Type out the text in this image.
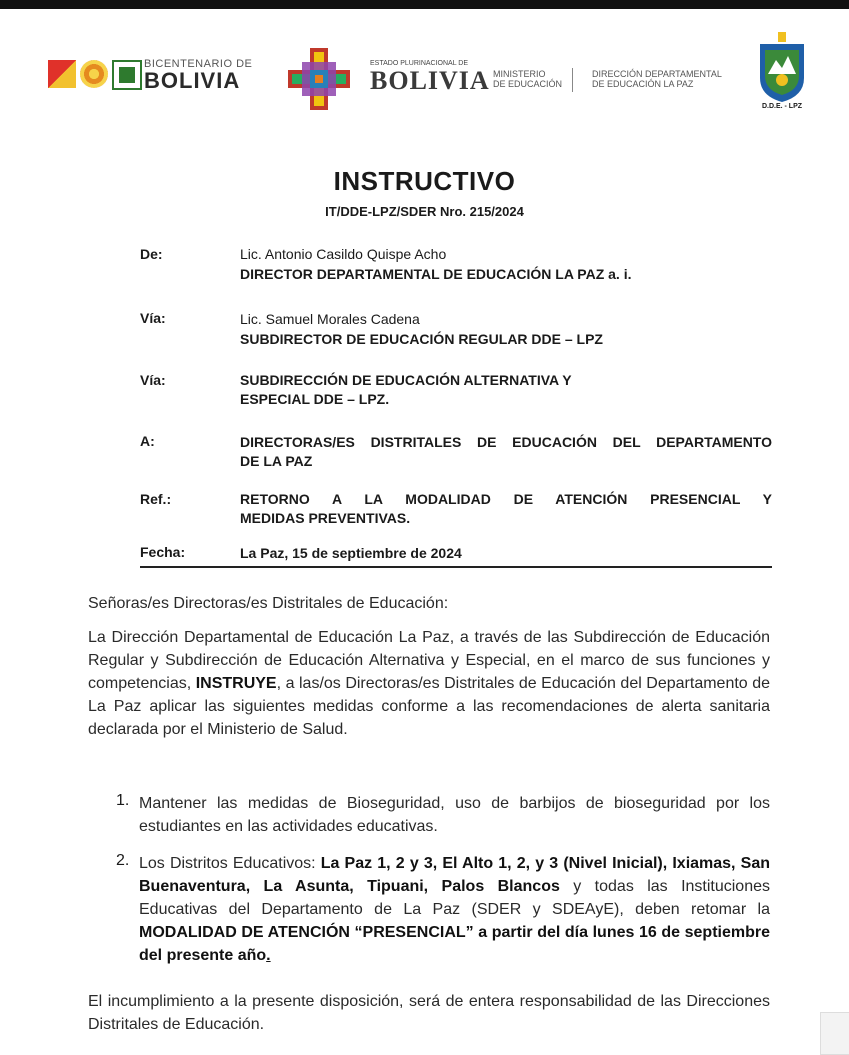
BICENTENARIO DE
BOLIVIA
ESTADO PLURINACIONAL DE
BOLIVIA MINISTERIO
DE EDUCACIÓN
DIRECCIÓN DEPARTAMENTAL
DE EDUCACIÓN LA PAZ
D.D.E. - LPZ
INSTRUCTIVO
IT/DDE-LPZ/SDER Nro. 215/2024
De:	Lic. Antonio Casildo Quispe Acho
DIRECTOR DEPARTAMENTAL DE EDUCACIÓN LA PAZ a. i.
Vía:	Lic. Samuel Morales Cadena
SUBDIRECTOR DE EDUCACIÓN REGULAR DDE – LPZ
Vía:	SUBDIRECCIÓN DE EDUCACIÓN ALTERNATIVA Y
ESPECIAL DDE – LPZ.
A:	DIRECTORAS/ES DISTRITALES DE EDUCACIÓN DEL DEPARTAMENTO
DE LA PAZ
Ref.:	RETORNO A LA MODALIDAD DE ATENCIÓN PRESENCIAL Y
MEDIDAS PREVENTIVAS.
Fecha:	La Paz, 15 de septiembre de 2024
Señoras/es Directoras/es Distritales de Educación:
La Dirección Departamental de Educación La Paz, a través de las Subdirección de Educación Regular y Subdirección de Educación Alternativa y Especial, en el marco de sus funciones y competencias, INSTRUYE, a las/os Directoras/es Distritales de Educación del Departamento de La Paz aplicar las siguientes medidas conforme a las recomendaciones de alerta sanitaria declarada por el Ministerio de Salud.
1. Mantener las medidas de Bioseguridad, uso de barbijos de bioseguridad por los estudiantes en las actividades educativas.
2. Los Distritos Educativos: La Paz 1, 2 y 3, El Alto 1, 2, y 3 (Nivel Inicial), Ixiamas, San Buenaventura, La Asunta, Tipuani, Palos Blancos y todas las Instituciones Educativas del Departamento de La Paz (SDER y SDEAyE), deben retomar la MODALIDAD DE ATENCIÓN “PRESENCIAL” a partir del día lunes 16 de septiembre del presente año.
El incumplimiento a la presente disposición, será de entera responsabilidad de las Direcciones Distritales de Educación.
